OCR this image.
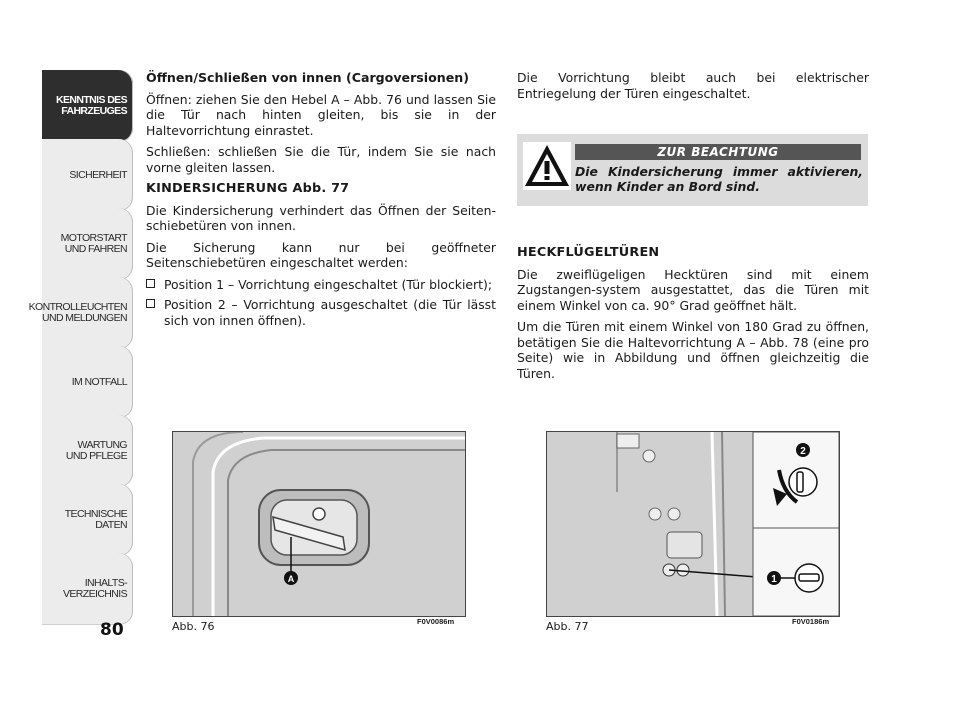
KENNTNIS DES
FAHRZEUGES
SICHERHEIT
MOTORSTART
UND FAHREN
KONTROLLEUCHTEN
UND MELDUNGEN
IM NOTFALL
WARTUNG
UND PFLEGE
TECHNISCHE DATEN
INHALTS-
VERZEICHNIS
80

Öffnen/Schließen von innen (Cargoversionen)

Öffnen: ziehen Sie den Hebel A – Abb. 76 und lassen Sie die Tür nach hinten gleiten, bis sie in der Haltevorrichtung einrastet.

Schließen: schließen Sie die Tür, indem Sie sie nach vorne gleiten lassen.

KINDERSICHERUNG Abb. 77

Die Kindersicherung verhindert das Öffnen der Seiten-schiebetüren von innen.

Die Sicherung kann nur bei geöffneter Seitenschiebetüren eingeschaltet werden:

Position 1 – Vorrichtung eingeschaltet (Tür blockiert);
Position 2 – Vorrichtung ausgeschaltet (die Tür lässt sich von innen öffnen).

Die Vorrichtung bleibt auch bei elektrischer Entriegelung der Türen eingeschaltet.

ZUR BEACHTUNG
Die Kindersicherung immer aktivieren, wenn Kinder an Bord sind.

HECKFLÜGELTÜREN

Die zweiflügeligen Hecktüren sind mit einem Zugstangen-system ausgestattet, das die Türen mit einem Winkel von ca. 90° Grad geöffnet hält.

Um die Türen mit einem Winkel von 180 Grad zu öffnen, betätigen Sie die Haltevorrichtung A – Abb. 78 (eine pro Seite) wie in Abbildung und öffnen gleichzeitig die Türen.

A
Abb. 76	F0V0086m
2
1
Abb. 77	F0V0186m
